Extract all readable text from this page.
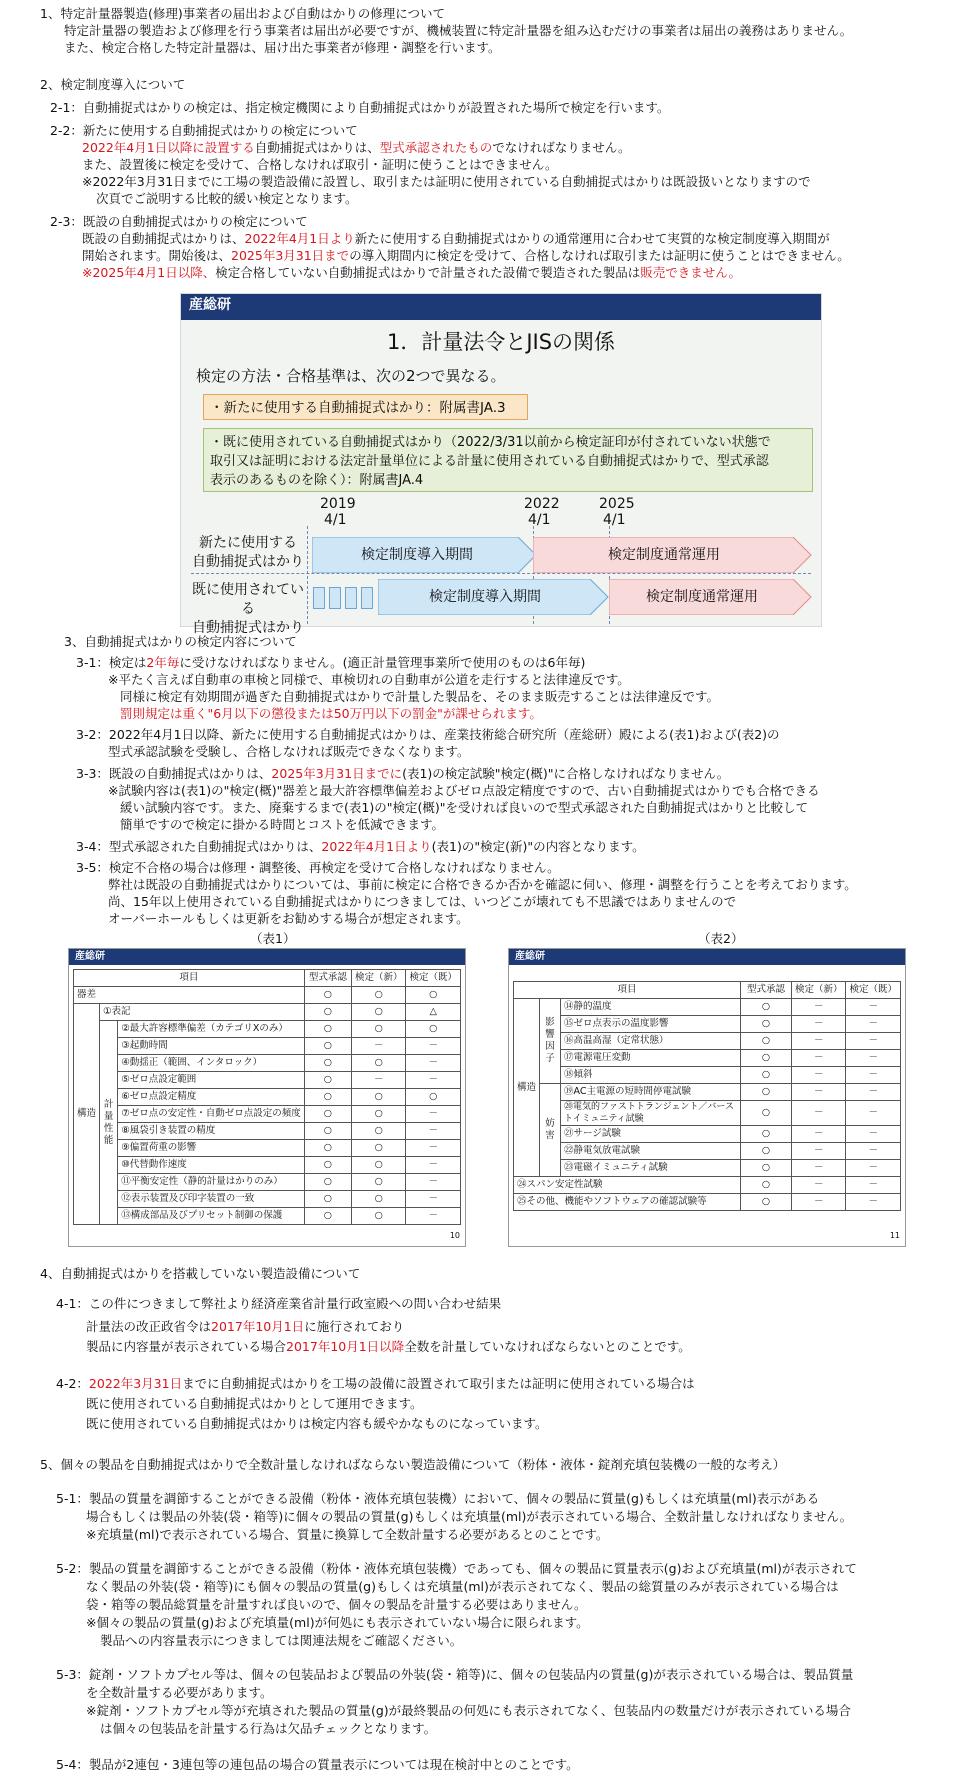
1、特定計量器製造(修理)事業者の届出および自動はかりの修理について
特定計量器の製造および修理を行う事業者は届出が必要ですが、機械装置に特定計量器を組み込むだけの事業者は届出の義務はありません。
また、検定合格した特定計量器は、届け出た事業者が修理・調整を行います。
2、検定制度導入について
2-1：自動捕捉式はかりの検定は、指定検定機関により自動捕捉式はかりが設置された場所で検定を行います。
2-2：新たに使用する自動捕捉式はかりの検定について
2022年4月1日以降に設置する自動捕捉式はかりは、型式承認されたものでなければなりません。
また、設置後に検定を受けて、合格しなければ取引・証明に使うことはできません。
※2022年3月31日までに工場の製造設備に設置し、取引または証明に使用されている自動捕捉式はかりは既設扱いとなりますので
次頁でご説明する比較的緩い検定となります。
2-3：既設の自動捕捉式はかりの検定について
既設の自動捕捉式はかりは、2022年4月1日より新たに使用する自動捕捉式はかりの通常運用に合わせて実質的な検定制度導入期間が
開始されます。開始後は、2025年3月31日までの導入期間内に検定を受けて、合格しなければ取引または証明に使うことはできません。
※2025年4月1日以降、検定合格していない自動捕捉式はかりで計量された設備で製造された製品は販売できません。
産総研
1．計量法令とJISの関係
検定の方法・合格基準は、次の2つで異なる。
・新たに使用する自動捕捉式はかり：附属書JA.3
・既に使用されている自動捕捉式はかり（2022/3/31以前から検定証印が付されていない状態で
取引又は証明における法定計量単位による計量に使用されている自動捕捉式はかりで、型式承認
表示のあるものを除く）：附属書JA.4
2019
4/1
2022
4/1
2025
4/1
新たに使用する
自動捕捉式はかり
既に使用されている
自動捕捉式はかり
検定制度導入期間	検定制度通常運用
検定制度導入期間	検定制度通常運用
3、自動捕捉式はかりの検定内容について
3-1：検定は2年毎に受けなければなりません。(適正計量管理事業所で使用のものは6年毎)
※平たく言えば自動車の車検と同様で、車検切れの自動車が公道を走行すると法律違反です。
同様に検定有効期間が過ぎた自動捕捉式はかりで計量した製品を、そのまま販売することは法律違反です。
罰則規定は重く"6月以下の懲役または50万円以下の罰金"が課せられます。
3-2：2022年4月1日以降、新たに使用する自動捕捉式はかりは、産業技術総合研究所（産総研）殿による(表1)および(表2)の
型式承認試験を受験し、合格しなければ販売できなくなります。
3-3：既設の自動捕捉式はかりは、2025年3月31日までに(表1)の検定試験"検定(概)"に合格しなければなりません。
※試験内容は(表1)の"検定(概)"器差と最大許容標準偏差およびゼロ点設定精度ですので、古い自動捕捉式はかりでも合格できる
緩い試験内容です。また、廃棄するまで(表1)の"検定(概)"を受ければ良いので型式承認された自動捕捉式はかりと比較して
簡単ですので検定に掛かる時間とコストを低減できます。
3-4：型式承認された自動捕捉式はかりは、2022年4月1日より(表1)の"検定(新)"の内容となります。
3-5：検定不合格の場合は修理・調整後、再検定を受けて合格しなければなりません。
弊社は既設の自動捕捉式はかりについては、事前に検定に合格できるか否かを確認に伺い、修理・調整を行うことを考えております。
尚、15年以上使用されている自動捕捉式はかりにつきましては、いつどこが壊れても不思議ではありませんので
オーバーホールもしくは更新をお勧めする場合が想定されます。
（表1）
産総研
項目			型式承認	検定（新）	検定（既）
器差			○	○	○
構造	①表記		○	○	△
	計量性能	②最大許容標準偏差（カテゴリXのみ）	○	○	○
		③起動時間	○	－	－
		④動揺正（範囲、インタロック）	○	○	－
		⑤ゼロ点設定範囲	○	－	－
		⑥ゼロ点設定精度	○	○	○
		⑦ゼロ点の安定性・自動ゼロ点設定の頻度	○	○	－
		⑧風袋引き装置の精度	○	○	－
		⑨偏置荷重の影響	○	○	－
		⑩代替動作速度	○	○	－
		⑪平衡安定性（静的計量はかりのみ）	○	○	－
		⑫表示装置及び印字装置の一致	○	○	－
		⑬構成部品及びプリセット制御の保護	○	○	－
10
（表2）
産総研
項目			型式承認	検定（新）	検定（既）
構造	影響因子	⑭静的温度	○	－	－
		⑮ゼロ点表示の温度影響	○	－	－
		⑯高温高湿（定常状態）	○	－	－
		⑰電源電圧変動	○	－	－
		⑱傾斜	○	－	－
	妨害	⑲AC主電源の短時間停電試験	○	－	－
		⑳電気的ファストトランジェント／バーストイミュニティ試験	○	－	－
		㉑サージ試験	○	－	－
		㉒静電気放電試験	○	－	－
		㉓電磁イミュニティ試験	○	－	－
㉔スパン安定性試験			○	－	－
㉕その他、機能やソフトウェアの確認試験等			○	－	－
11
4、自動捕捉式はかりを搭載していない製造設備について
4-1：この件につきまして弊社より経済産業省計量行政室殿への問い合わせ結果
計量法の改正政省令は2017年10月1日に施行されており
製品に内容量が表示されている場合2017年10月1日以降全数を計量していなければならないとのことです。
4-2：2022年3月31日までに自動捕捉式はかりを工場の設備に設置されて取引または証明に使用されている場合は
既に使用されている自動捕捉式はかりとして運用できます。
既に使用されている自動捕捉式はかりは検定内容も緩やかなものになっています。
5、個々の製品を自動捕捉式はかりで全数計量しなければならない製造設備について（粉体・液体・錠剤充填包装機の一般的な考え）
5-1：製品の質量を調節することができる設備（粉体・液体充填包装機）において、個々の製品に質量(g)もしくは充填量(ml)表示がある
場合もしくは製品の外装(袋・箱等)に個々の製品の質量(g)もしくは充填量(ml)が表示されている場合、全数計量しなければなりません。
※充填量(ml)で表示されている場合、質量に換算して全数計量する必要があるとのことです。
5-2：製品の質量を調節することができる設備（粉体・液体充填包装機）であっても、個々の製品に質量表示(g)および充填量(ml)が表示されて
なく製品の外装(袋・箱等)にも個々の製品の質量(g)もしくは充填量(ml)が表示されてなく、製品の総質量のみが表示されている場合は
袋・箱等の製品総質量を計量すれば良いので、個々の製品を計量する必要はありません。
※個々の製品の質量(g)および充填量(ml)が何処にも表示されていない場合に限られます。
製品への内容量表示につきましては関連法規をご確認ください。
5-3：錠剤・ソフトカプセル等は、個々の包装品および製品の外装(袋・箱等)に、個々の包装品内の質量(g)が表示されている場合は、製品質量
を全数計量する必要があります。
※錠剤・ソフトカプセル等が充填された製品の質量(g)が最終製品の何処にも表示されてなく、包装品内の数量だけが表示されている場合
は個々の包装品を計量する行為は欠品チェックとなります。
5-4：製品が2連包・3連包等の連包品の場合の質量表示については現在検討中とのことです。
